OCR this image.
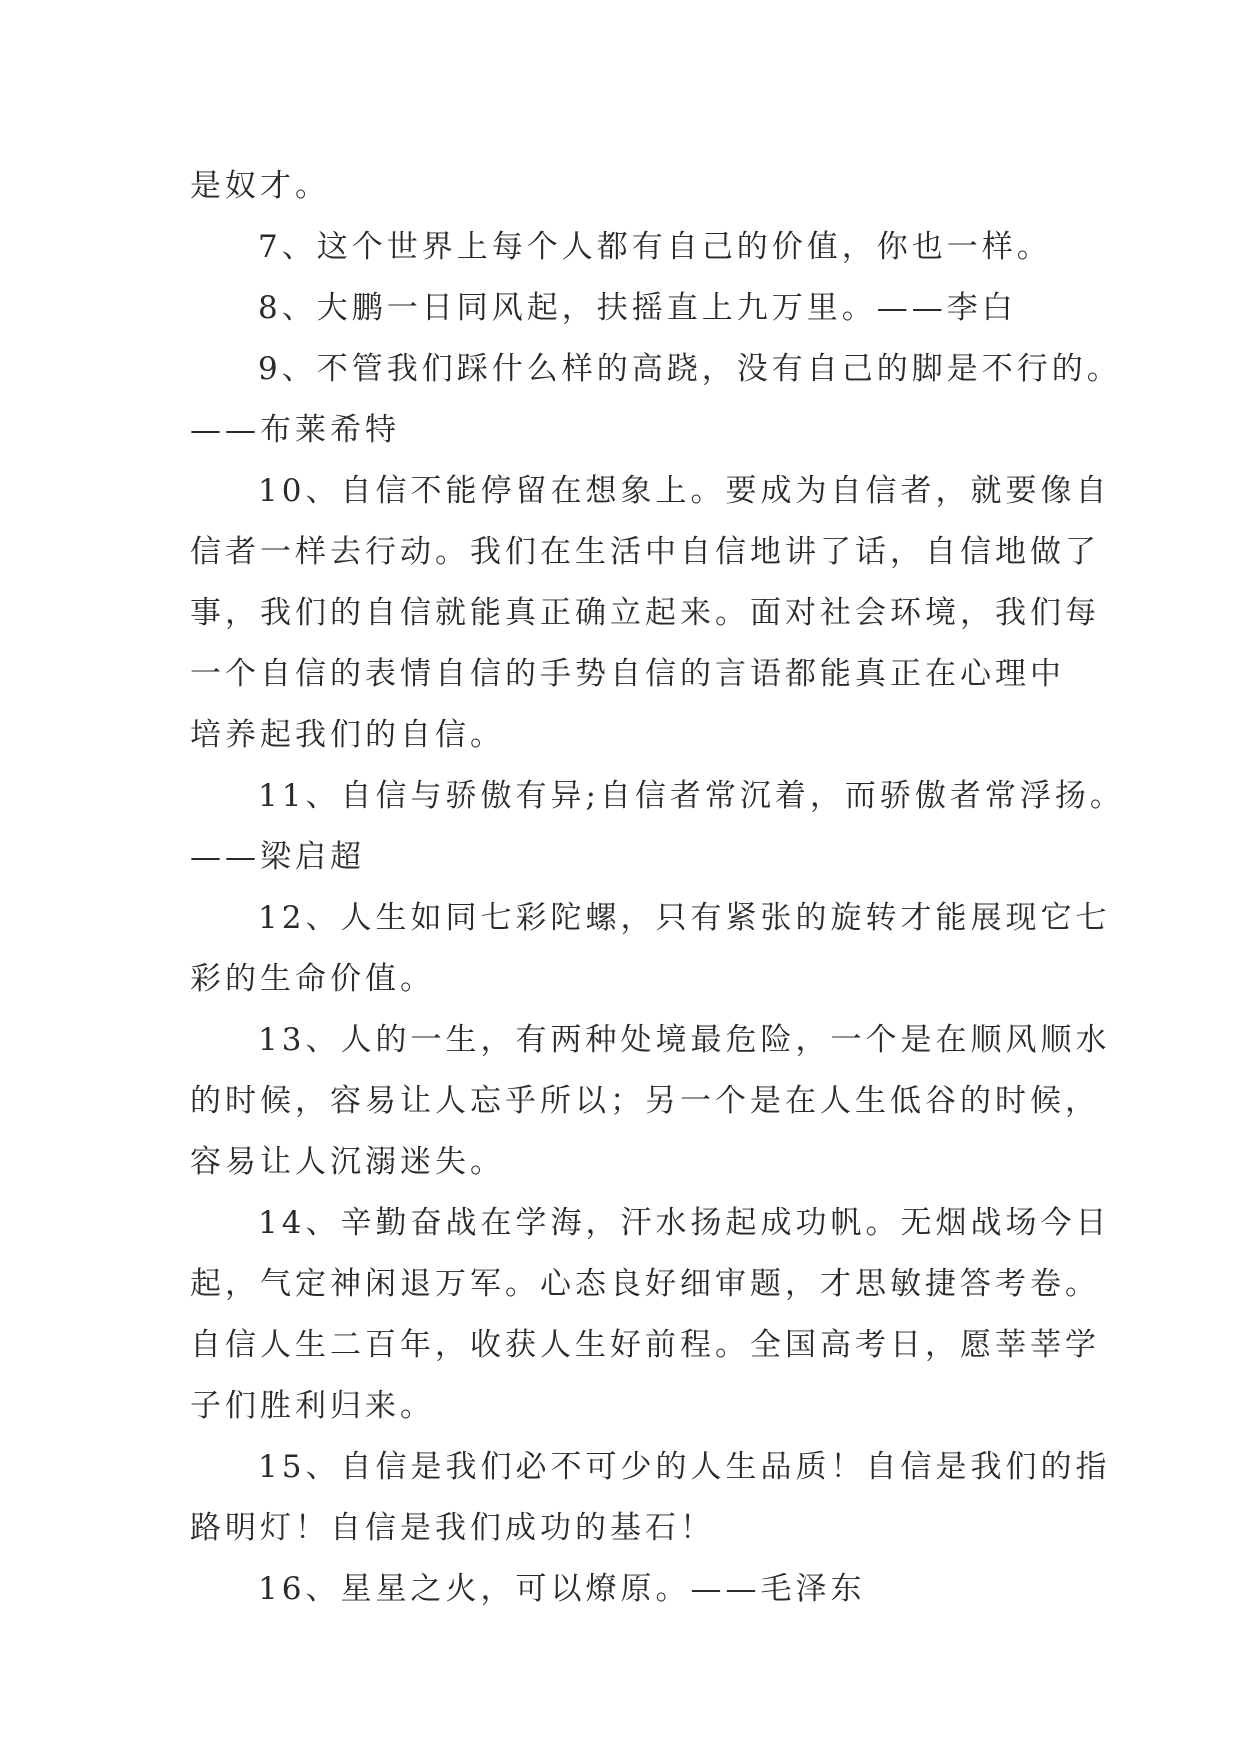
是奴才。

7、这个世界上每个人都有自己的价值，你也一样。

8、大鹏一日同风起，扶摇直上九万里。——李白

9、不管我们踩什么样的高跷，没有自己的脚是不行的。
——布莱希特

10、自信不能停留在想象上。要成为自信者，就要像自
信者一样去行动。我们在生活中自信地讲了话，自信地做了
事，我们的自信就能真正确立起来。面对社会环境，我们每
一个自信的表情自信的手势自信的言语都能真正在心理中
培养起我们的自信。

11、自信与骄傲有异;自信者常沉着，而骄傲者常浮扬。
——梁启超

12、人生如同七彩陀螺，只有紧张的旋转才能展现它七
彩的生命价值。

13、人的一生，有两种处境最危险，一个是在顺风顺水
的时候，容易让人忘乎所以；另一个是在人生低谷的时候，
容易让人沉溺迷失。

14、辛勤奋战在学海，汗水扬起成功帆。无烟战场今日
起，气定神闲退万军。心态良好细审题，才思敏捷答考卷。
自信人生二百年，收获人生好前程。全国高考日，愿莘莘学
子们胜利归来。

15、自信是我们必不可少的人生品质！自信是我们的指
路明灯！自信是我们成功的基石！

16、星星之火，可以燎原。——毛泽东
